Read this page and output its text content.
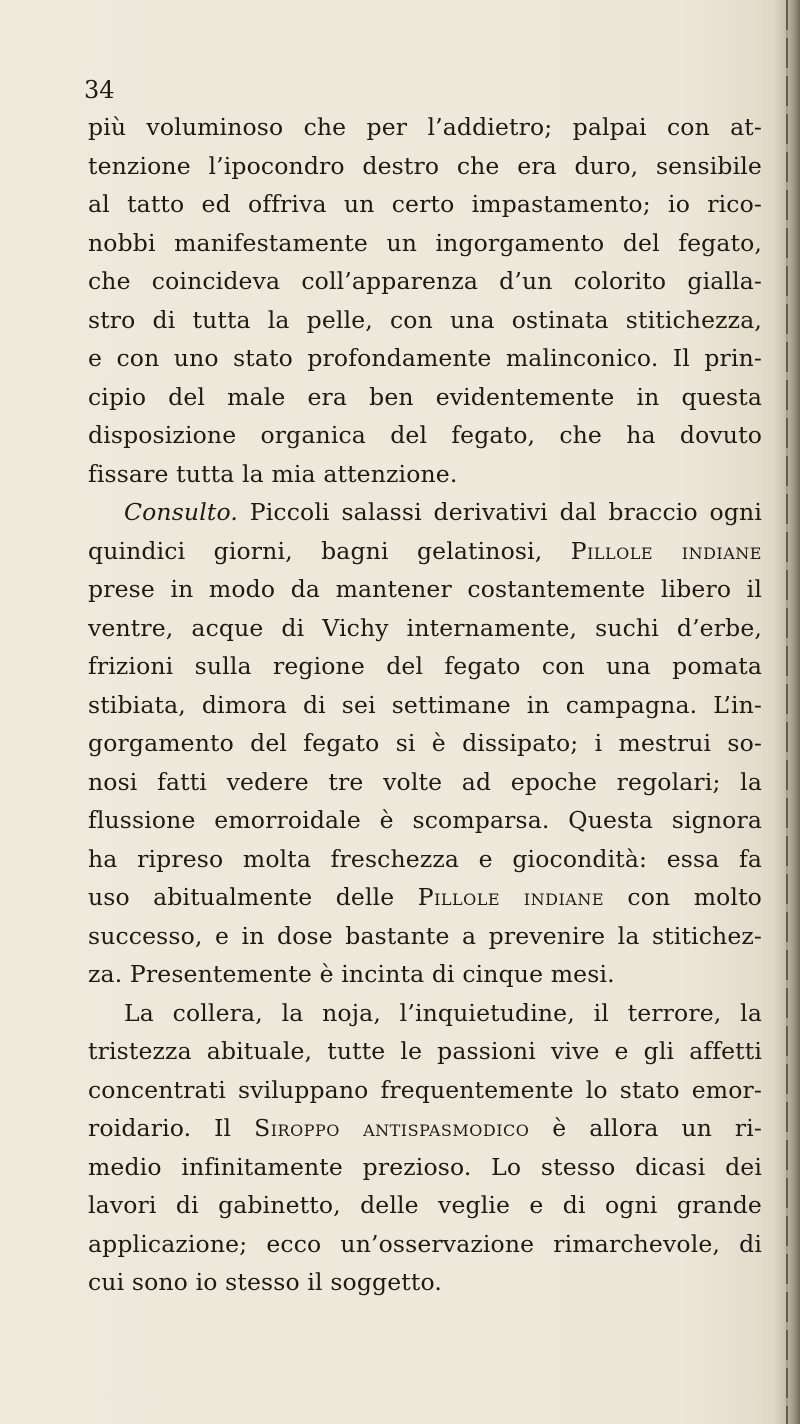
34
più voluminoso che per l’addietro; palpai con at-
tenzione l’ipocondro destro che era duro, sensibile
al tatto ed offriva un certo impastamento; io rico-
nobbi manifestamente un ingorgamento del fegato,
che coincideva coll’apparenza d’un colorito gialla-
stro di tutta la pelle, con una ostinata stitichezza,
e con uno stato profondamente malinconico. Il prin-
cipio del male era ben evidentemente in questa
disposizione organica del fegato, che ha dovuto
fissare tutta la mia attenzione.
Consulto. Piccoli salassi derivativi dal braccio ogni
quindici giorni, bagni gelatinosi, Pillole indiane
prese in modo da mantener costantemente libero il
ventre, acque di Vichy internamente, suchi d’erbe,
frizioni sulla regione del fegato con una pomata
stibiata, dimora di sei settimane in campagna. L’in-
gorgamento del fegato si è dissipato; i mestrui so-
nosi fatti vedere tre volte ad epoche regolari; la
flussione emorroidale è scomparsa. Questa signora
ha ripreso molta freschezza e giocondità: essa fa
uso abitualmente delle Pillole indiane con molto
successo, e in dose bastante a prevenire la stitichez-
za. Presentemente è incinta di cinque mesi.
La collera, la noja, l’inquietudine, il terrore, la
tristezza abituale, tutte le passioni vive e gli affetti
concentrati sviluppano frequentemente lo stato emor-
roidario. Il Siroppo antispasmodico è allora un ri-
medio infinitamente prezioso. Lo stesso dicasi dei
lavori di gabinetto, delle veglie e di ogni grande
applicazione; ecco un’osservazione rimarchevole, di
cui sono io stesso il soggetto.
